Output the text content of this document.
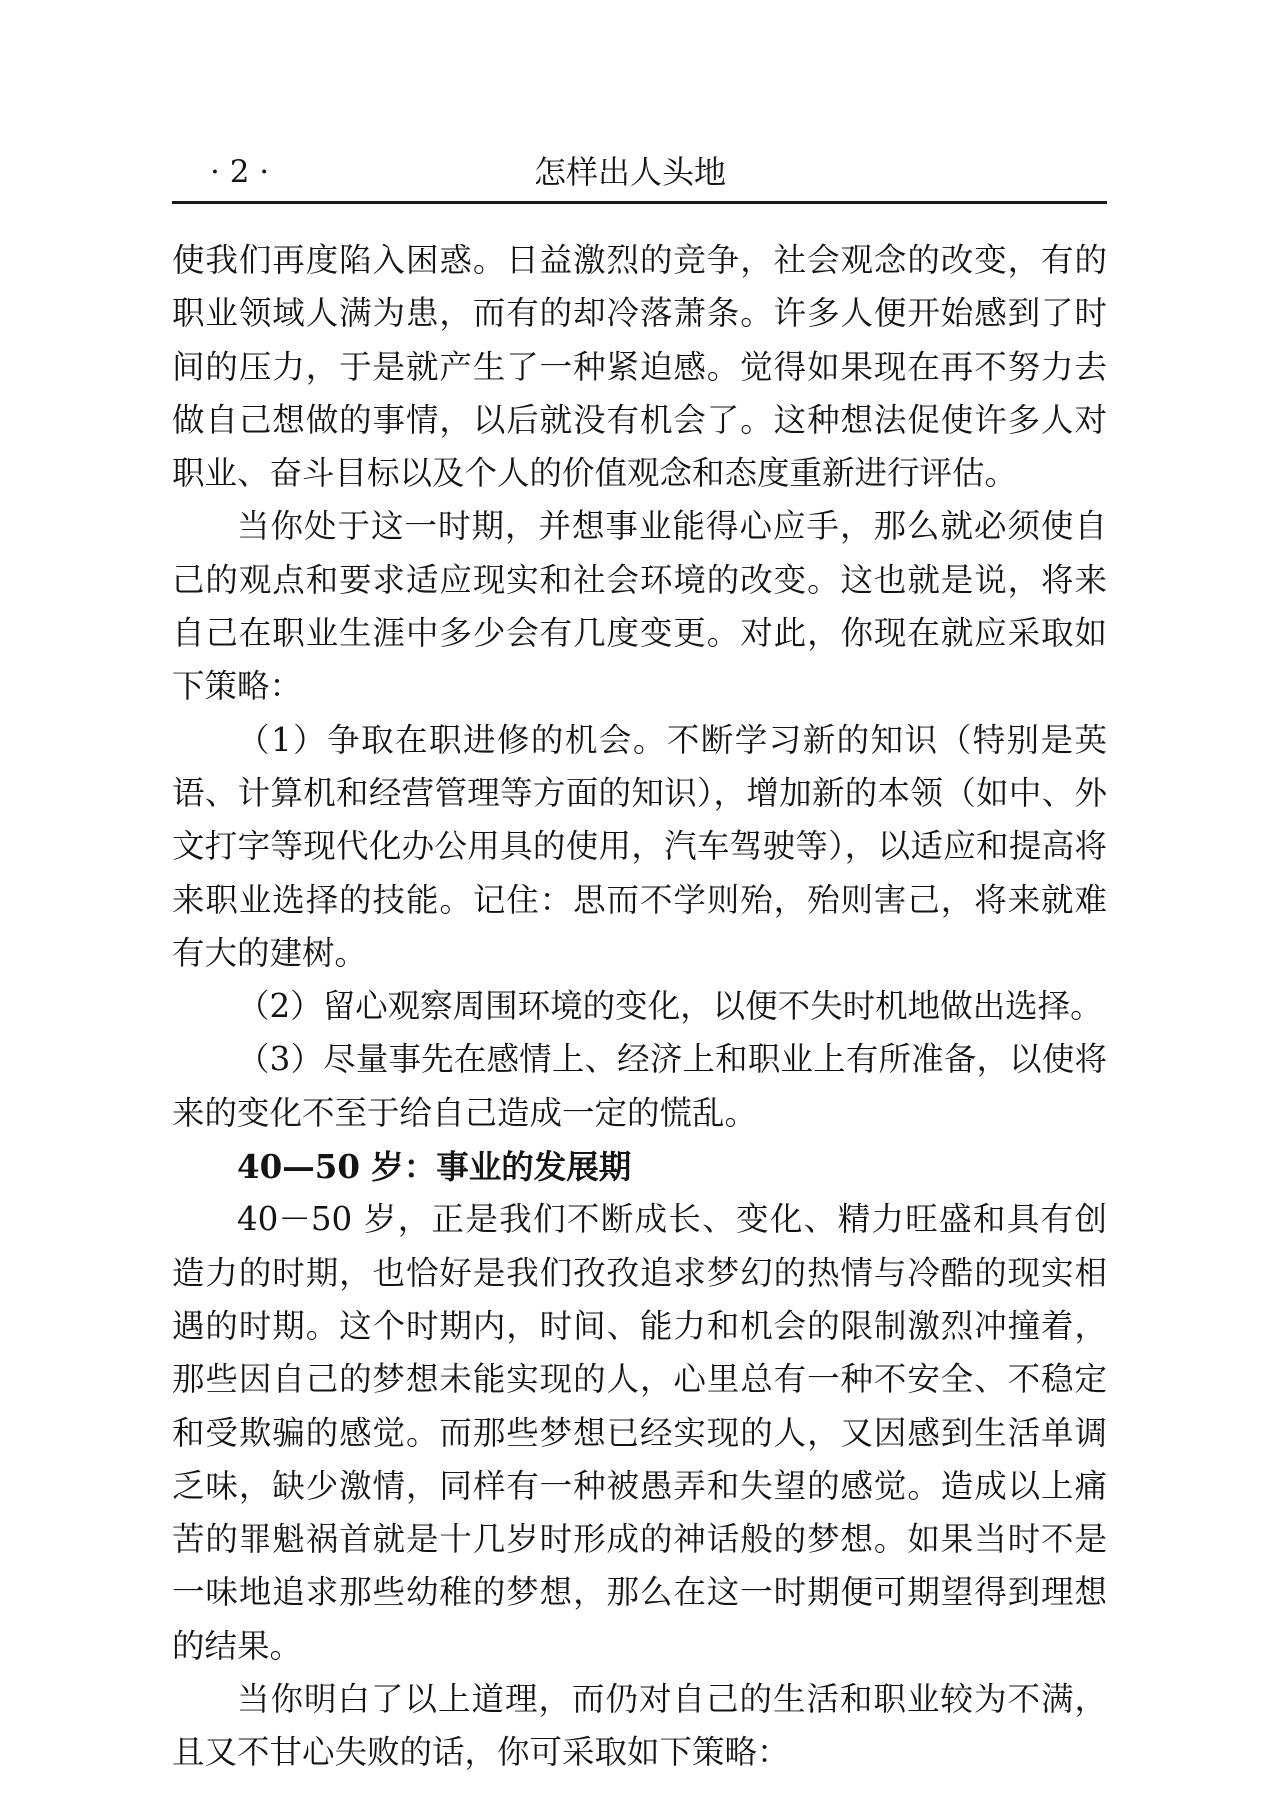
· 2 ·	怎样出人头地

使我们再度陷入困惑。日益激烈的竞争，社会观念的改变，有的职业领域人满为患，而有的却冷落萧条。许多人便开始感到了时间的压力，于是就产生了一种紧迫感。觉得如果现在再不努力去做自己想做的事情，以后就没有机会了。这种想法促使许多人对职业、奋斗目标以及个人的价值观念和态度重新进行评估。

当你处于这一时期，并想事业能得心应手，那么就必须使自己的观点和要求适应现实和社会环境的改变。这也就是说，将来自己在职业生涯中多少会有几度变更。对此，你现在就应采取如下策略：

（1）争取在职进修的机会。不断学习新的知识（特别是英语、计算机和经营管理等方面的知识），增加新的本领（如中、外文打字等现代化办公用具的使用，汽车驾驶等），以适应和提高将来职业选择的技能。记住：思而不学则殆，殆则害己，将来就难有大的建树。

（2）留心观察周围环境的变化，以便不失时机地做出选择。

（3）尽量事先在感情上、经济上和职业上有所准备，以使将来的变化不至于给自己造成一定的慌乱。

40—50 岁：事业的发展期

40－50 岁，正是我们不断成长、变化、精力旺盛和具有创造力的时期，也恰好是我们孜孜追求梦幻的热情与冷酷的现实相遇的时期。这个时期内，时间、能力和机会的限制激烈冲撞着，那些因自己的梦想未能实现的人，心里总有一种不安全、不稳定和受欺骗的感觉。而那些梦想已经实现的人，又因感到生活单调乏味，缺少激情，同样有一种被愚弄和失望的感觉。造成以上痛苦的罪魁祸首就是十几岁时形成的神话般的梦想。如果当时不是一味地追求那些幼稚的梦想，那么在这一时期便可期望得到理想的结果。

当你明白了以上道理，而仍对自己的生活和职业较为不满，且又不甘心失败的话，你可采取如下策略：
